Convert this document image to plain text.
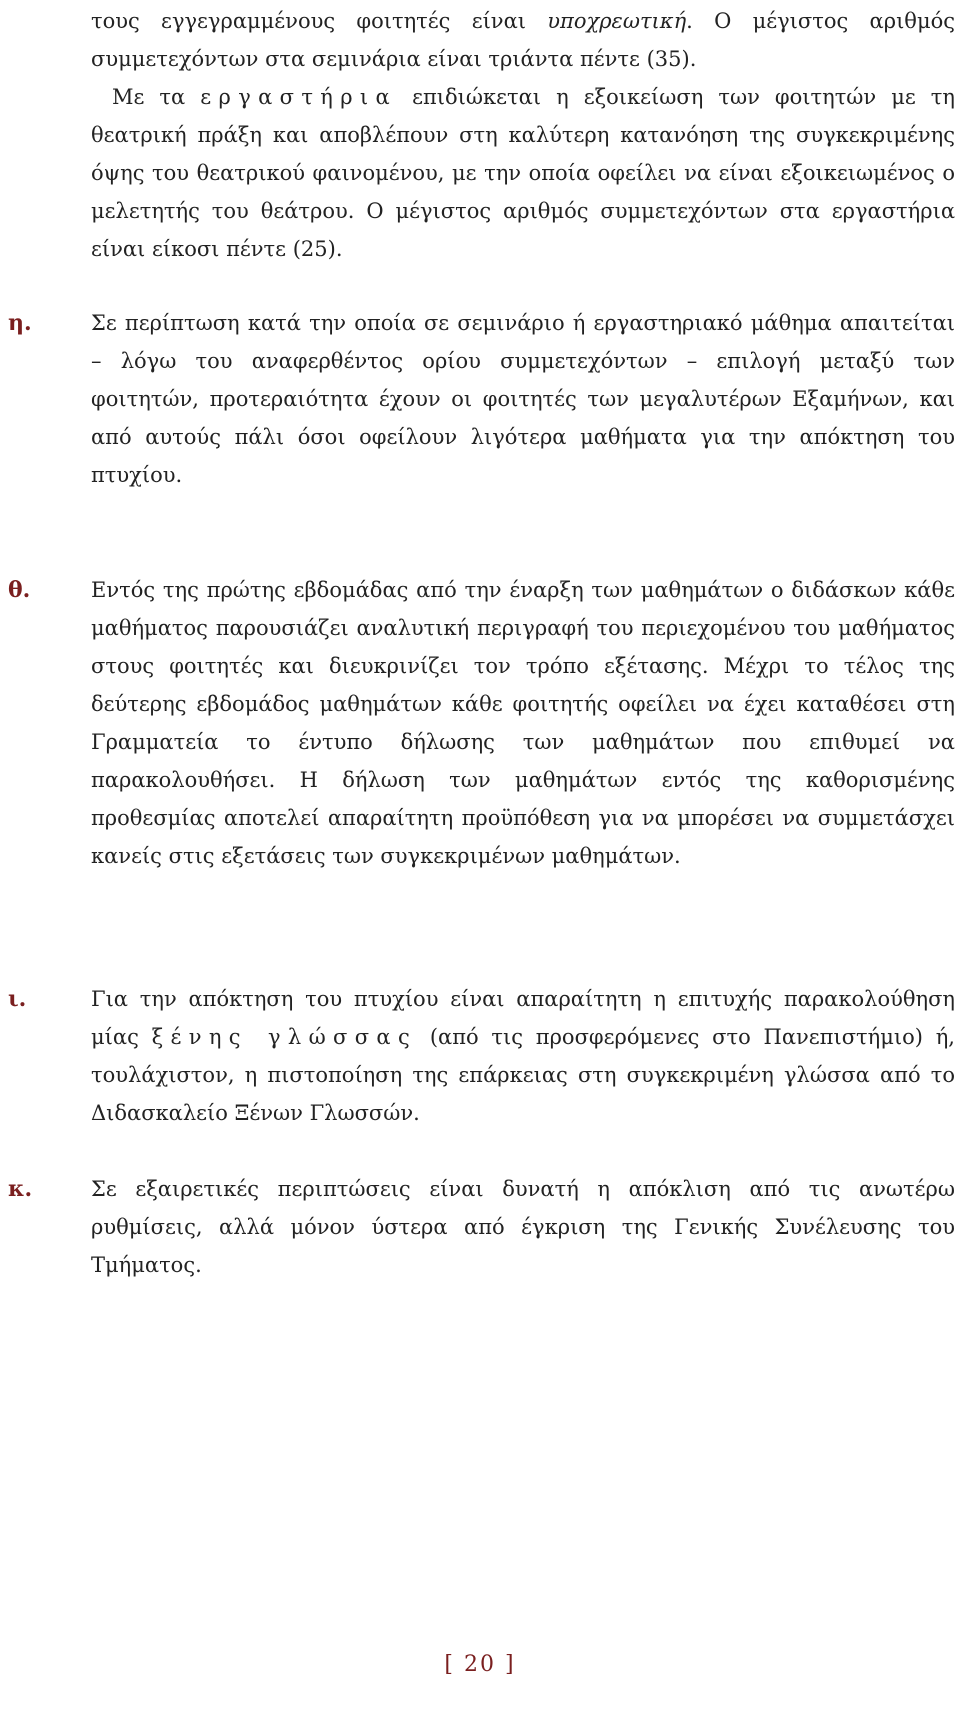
τους εγγεγραμμένους φοιτητές είναι υποχρεωτική. Ο μέγιστος αριθμός συμμετεχόντων στα σεμινάρια είναι τριάντα πέντε (35).

Με τα εργαστήρια επιδιώκεται η εξοικείωση των φοιτητών με τη θεατρική πράξη και αποβλέπουν στη καλύτερη κατανόηση της συγκεκριμένης όψης του θεατρικού φαινομένου, με την οποία οφείλει να είναι εξοικειωμένος ο μελετητής του θεάτρου. Ο μέγιστος αριθμός συμμετεχόντων στα εργαστήρια είναι είκοσι πέντε (25).

η.	Σε περίπτωση κατά την οποία σε σεμινάριο ή εργαστηριακό μάθημα απαιτείται – λόγω του αναφερθέντος ορίου συμμετεχόντων – επιλογή μεταξύ των φοιτητών, προτεραιότητα έχουν οι φοιτητές των μεγαλυτέρων Εξαμήνων, και από αυτούς πάλι όσοι οφείλουν λιγότερα μαθήματα για την απόκτηση του πτυχίου.

θ.	Εντός της πρώτης εβδομάδας από την έναρξη των μαθημάτων ο διδάσκων κάθε μαθήματος παρουσιάζει αναλυτική περιγραφή του περιεχομένου του μαθήματος στους φοιτητές και διευκρινίζει τον τρόπο εξέτασης. Μέχρι το τέλος της δεύτερης εβδομάδος μαθημάτων κάθε φοιτητής οφείλει να έχει καταθέσει στη Γραμματεία το έντυπο δήλωσης των μαθημάτων που επιθυμεί να παρακολουθήσει. Η δήλωση των μαθημάτων εντός της καθορισμένης προθεσμίας αποτελεί απαραίτητη προϋπόθεση για να μπορέσει να συμμετάσχει κανείς στις εξετάσεις των συγκεκριμένων μαθημάτων.

ι.	Για την απόκτηση του πτυχίου είναι απαραίτητη η επιτυχής παρακολούθηση μίας ξένης γλώσσας (από τις προσφερόμενες στο Πανεπιστήμιο) ή, τουλάχιστον, η πιστοποίηση της επάρκειας στη συγκεκριμένη γλώσσα από το Διδασκαλείο Ξένων Γλωσσών.

κ.	Σε εξαιρετικές περιπτώσεις είναι δυνατή η απόκλιση από τις ανωτέρω ρυθμίσεις, αλλά μόνον ύστερα από έγκριση της Γενικής Συνέλευσης του Τμήματος.

[ 20 ]
